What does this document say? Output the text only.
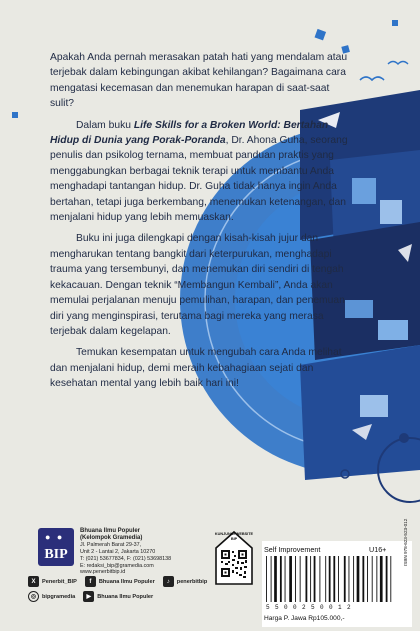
Apakah Anda pernah merasakan patah hati yang mendalam atau terjebak dalam kebingungan akibat kehilangan? Bagaimana cara mengatasi kecemasan dan menemukan harapan di saat-saat sulit?

Dalam buku Life Skills for a Broken World: Bertahan Hidup di Dunia yang Porak-Poranda, Dr. Ahona Guha, seorang penulis dan psikolog ternama, membuat panduan praktis yang menggabungkan berbagai teknik terapi untuk membantu Anda menghadapi tantangan hidup. Dr. Guha tidak hanya ingin Anda bertahan, tetapi juga berkembang, menemukan ketenangan, dan menjalani hidup yang lebih memuaskan.

Buku ini juga dilengkapi dengan kisah-kisah jujur dan mengharukan tentang bangkit dari keterpurukan, menghadapi trauma yang tersembunyi, dan menemukan diri sendiri di tengah kekacauan. Dengan teknik “Membangun Kembali”, Anda akan memulai perjalanan menuju pemulihan, harapan, dan penemuan diri yang menginspirasi, terutama bagi mereka yang merasa terjebak dalam kegelapan.

Temukan kesempatan untuk mengubah cara Anda melihat dan menjalani hidup, demi meraih kebahagiaan sejati dan kesehatan mental yang lebih baik hari ini!

● ●
BIP
Bhuana Ilmu Populer
(Kelompok Gramedia)
Jl. Palmerah Barat 29-37,
Unit 2 - Lantai 2, Jakarta 10270
T: (021) 53677834, F: (021) 53698138
E: redaksi_bip@gramedia.com
www.penerbitbip.id
X	Penerbit_BIP	f	Bhuana Ilmu Populer	♪	penerbitbip
◎	bipgramedia	▶	Bhuana Ilmu Populer
KUNJUNGI WEBSITE BIP
Self Improvement	U16+	ISBN 978-623-523-012
5 5 0 0 2 5 0 0 1 2
Harga P. Jawa Rp105.000,-
